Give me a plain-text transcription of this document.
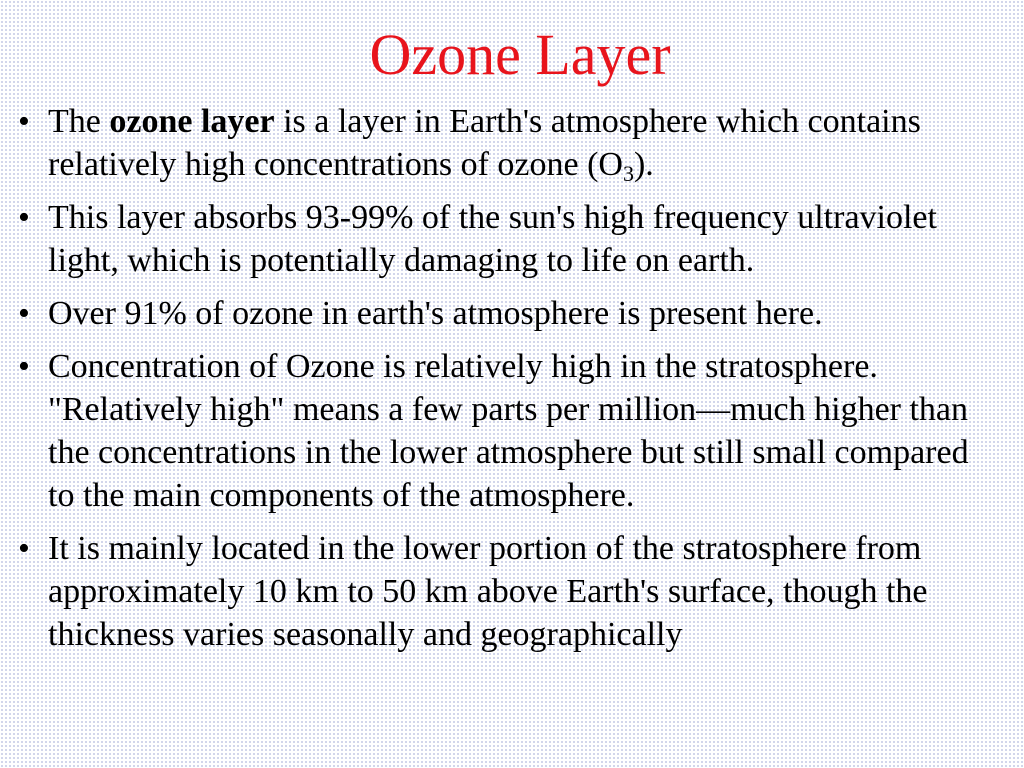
Ozone Layer
• The ozone layer is a layer in Earth's atmosphere which contains relatively high concentrations of ozone $(O_3)$.
• This layer absorbs 93-99% of the sun's high frequency ultraviolet light, which is potentially damaging to life on earth.
• Over 91% of ozone in earth's atmosphere is present here.
• Concentration of Ozone is relatively high in the stratosphere. "Relatively high" means a few parts per million—much higher than the concentrations in the lower atmosphere but still small compared to the main components of the atmosphere.
• It is mainly located in the lower portion of the stratosphere from approximately 10 km to 50 km above Earth's surface, though the thickness varies seasonally and geographically
